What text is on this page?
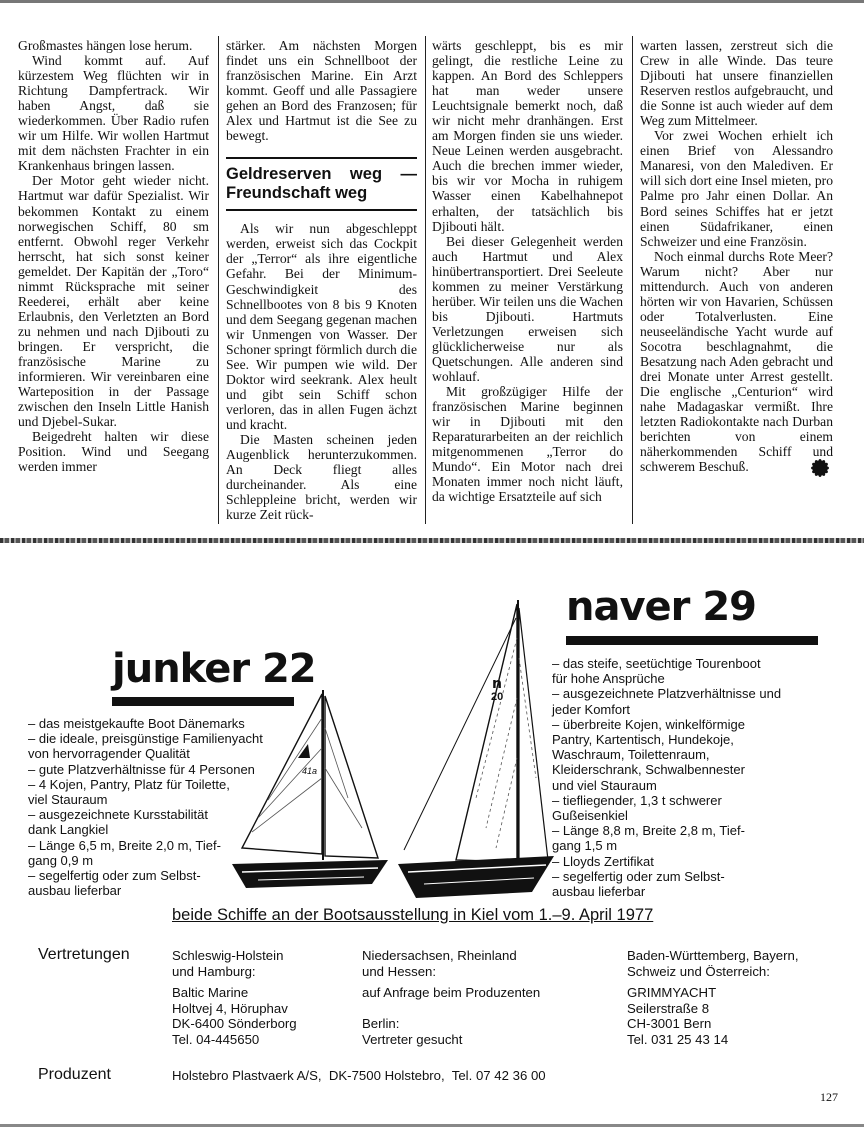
Großmastes hängen lose herum.

Wind kommt auf. Auf kürzestem Weg flüchten wir in Richtung Dampfertrack. Wir haben Angst, daß sie wiederkommen. Über Radio rufen wir um Hilfe. Wir wollen Hartmut mit dem nächsten Frachter in ein Krankenhaus bringen lassen.

Der Motor geht wieder nicht. Hartmut war dafür Spezialist. Wir bekommen Kontakt zu einem norwegischen Schiff, 80 sm entfernt. Obwohl reger Verkehr herrscht, hat sich sonst keiner gemeldet. Der Kapitän der „Toro“ nimmt Rücksprache mit seiner Reederei, erhält aber keine Erlaubnis, den Verletzten an Bord zu nehmen und nach Djibouti zu bringen. Er verspricht, die französische Marine zu informieren. Wir vereinbaren eine Warteposition in der Passage zwischen den Inseln Little Hanish und Djebel-Sukar.

Beigedreht halten wir diese Position. Wind und Seegang werden immer

stärker. Am nächsten Morgen findet uns ein Schnellboot der französischen Marine. Ein Arzt kommt. Geoff und alle Passagiere gehen an Bord des Franzosen; für Alex und Hartmut ist die See zu bewegt.

Geldreserven weg — Freundschaft weg

Als wir nun abgeschleppt werden, erweist sich das Cockpit der „Terror“ als ihre eigentliche Gefahr. Bei der Minimum-Geschwindigkeit des Schnellbootes von 8 bis 9 Knoten und dem Seegang gegenan machen wir Unmengen von Wasser. Der Schoner springt förmlich durch die See. Wir pumpen wie wild. Der Doktor wird seekrank. Alex heult und gibt sein Schiff schon verloren, das in allen Fugen ächzt und kracht.

Die Masten scheinen jeden Augenblick herunterzukommen. An Deck fliegt alles durcheinander. Als eine Schleppleine bricht, werden wir kurze Zeit rück-

wärts geschleppt, bis es mir gelingt, die restliche Leine zu kappen. An Bord des Schleppers hat man weder unsere Leuchtsignale bemerkt noch, daß wir nicht mehr dranhängen. Erst am Morgen finden sie uns wieder. Neue Leinen werden ausgebracht. Auch die brechen immer wieder, bis wir vor Mocha in ruhigem Wasser einen Kabelhahnepot erhalten, der tatsächlich bis Djibouti hält.

Bei dieser Gelegenheit werden auch Hartmut und Alex hinübertransportiert. Drei Seeleute kommen zu meiner Verstärkung herüber. Wir teilen uns die Wachen bis Djibouti. Hartmuts Verletzungen erweisen sich glücklicherweise nur als Quetschungen. Alle anderen sind wohlauf.

Mit großzügiger Hilfe der französischen Marine beginnen wir in Djibouti mit den Reparaturarbeiten an der reichlich mitgenommenen „Terror do Mundo“. Ein Motor nach drei Monaten immer noch nicht läuft, da wichtige Ersatzteile auf sich

warten lassen, zerstreut sich die Crew in alle Winde. Das teure Djibouti hat unsere finanziellen Reserven restlos aufgebraucht, und die Sonne ist auch wieder auf dem Weg zum Mittelmeer.

Vor zwei Wochen erhielt ich einen Brief von Alessandro Manaresi, von den Malediven. Er will sich dort eine Insel mieten, pro Palme pro Jahr einen Dollar. An Bord seines Schiffes hat er jetzt einen Südafrikaner, einen Schweizer und eine Französin.

Noch einmal durchs Rote Meer? Warum nicht? Aber nur mittendurch. Auch von anderen hörten wir von Havarien, Schüssen oder Totalverlusten. Eine neuseeländische Yacht wurde auf Socotra beschlagnahmt, die Besatzung nach Aden gebracht und drei Monate unter Arrest gestellt. Die englische „Centurion“ wird nahe Madagaskar vermißt. Ihre letzten Radiokontakte nach Durban berichten von einem näherkommenden Schiff und schwerem Beschuß.

naver 29
junker 22
– das meistgekaufte Boot Dänemarks
– die ideale, preisgünstige Familienyacht
von hervorragender Qualität
– gute Platzverhältnisse für 4 Personen
– 4 Kojen, Pantry, Platz für Toilette,
viel Stauraum
– ausgezeichnete Kursstabilität
dank Langkiel
– Länge 6,5 m, Breite 2,0 m, Tief-
gang 0,9 m
– segelfertig oder zum Selbst-
ausbau lieferbar
– das steife, seetüchtige Tourenboot
für hohe Ansprüche
– ausgezeichnete Platzverhältnisse und
jeder Komfort
– überbreite Kojen, winkelförmige
Pantry, Kartentisch, Hundekoje,
Waschraum, Toilettenraum,
Kleiderschrank, Schwalbennester
und viel Stauraum
– tiefliegender, 1,3 t schwerer
Gußeisenkiel
– Länge 8,8 m, Breite 2,8 m, Tief-
gang 1,5 m
– Lloyds Zertifikat
– segelfertig oder zum Selbst-
ausbau lieferbar
41a
n
20
beide Schiffe an der Bootsausstellung in Kiel vom 1.–9. April 1977
Vertretungen	Schleswig-Holstein

und Hamburg:

Baltic Marine

Holtvej 4, Höruphav

DK-6400 Sönderborg

Tel. 04-445650

Niedersachsen, Rheinland

und Hessen:

auf Anfrage beim Produzenten

Berlin:

Vertreter gesucht

Baden-Württemberg, Bayern,

Schweiz und Österreich:

GRIMMYACHT

Seilerstraße 8

CH-3001 Bern

Tel. 031 25 43 14

Produzent	Holstebro Plastvaerk A/S,  DK-7500 Holstebro,  Tel. 07 42 36 00
127
